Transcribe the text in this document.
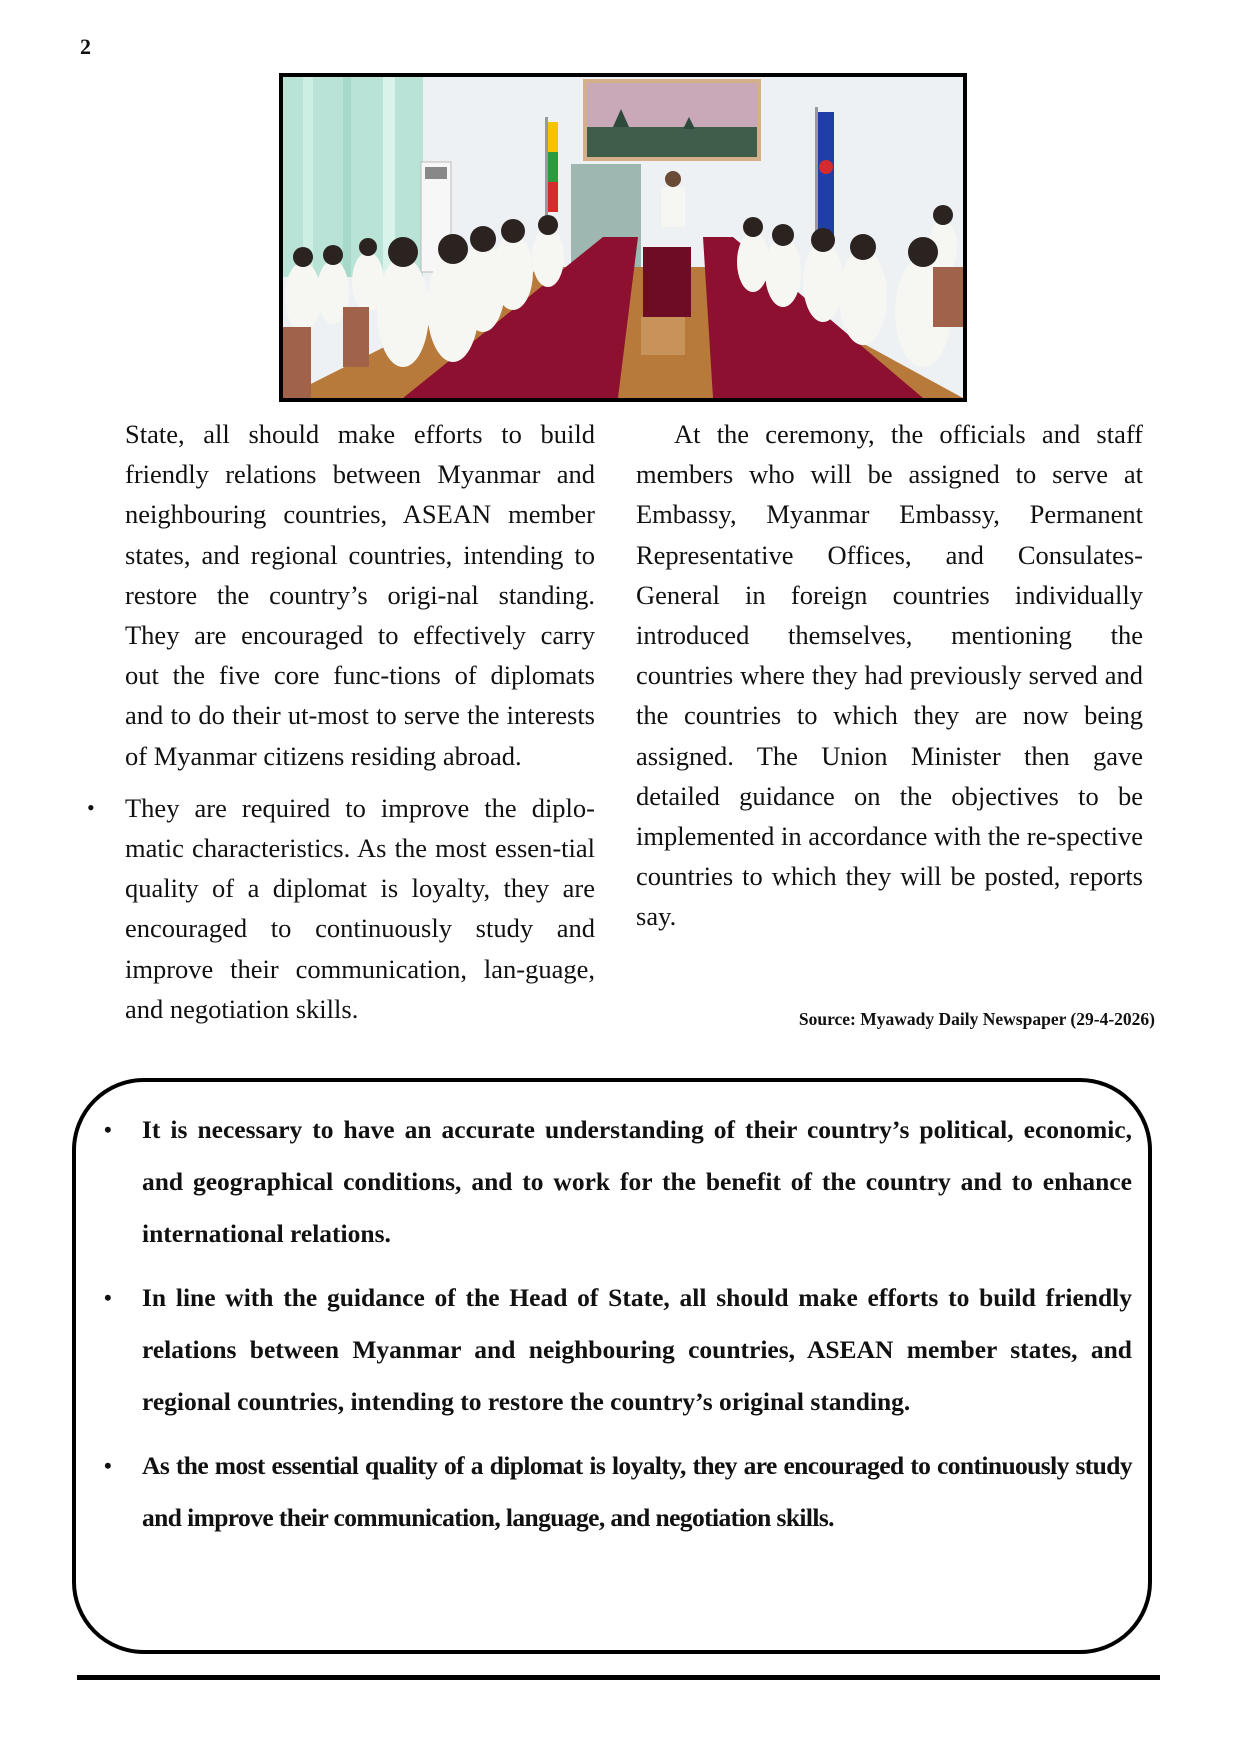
2

State, all should make efforts to build friendly relations between Myanmar and neighbouring countries, ASEAN member states, and regional countries, intending to restore the country’s origi-nal standing. They are encouraged to effectively carry out the five core func-tions of diplomats and to do their ut-most to serve the interests of Myanmar citizens residing abroad.

• They are required to improve the diplo-matic characteristics. As the most essen-tial quality of a diplomat is loyalty, they are encouraged to continuously study and improve their communication, lan-guage, and negotiation skills.

At the ceremony, the officials and staff members who will be assigned to serve at Embassy, Myanmar Embassy, Permanent Representative Offices, and Consulates-General in foreign countries individually introduced themselves, mentioning the countries where they had previously served and the countries to which they are now being assigned. The Union Minister then gave detailed guidance on the objectives to be implemented in accordance with the re-spective countries to which they will be posted, reports say.

Source: Myawady Daily Newspaper (29-4-2026)
• It is necessary to have an accurate understanding of their country’s political, economic, and geographical conditions, and to work for the benefit of the country and to enhance international relations.
• In line with the guidance of the Head of State, all should make efforts to build friendly relations between Myanmar and neighbouring countries, ASEAN member states, and regional countries, intending to restore the country’s original standing.
• As the most essential quality of a diplomat is loyalty, they are encouraged to continuously study and improve their communication, language, and negotiation skills.
